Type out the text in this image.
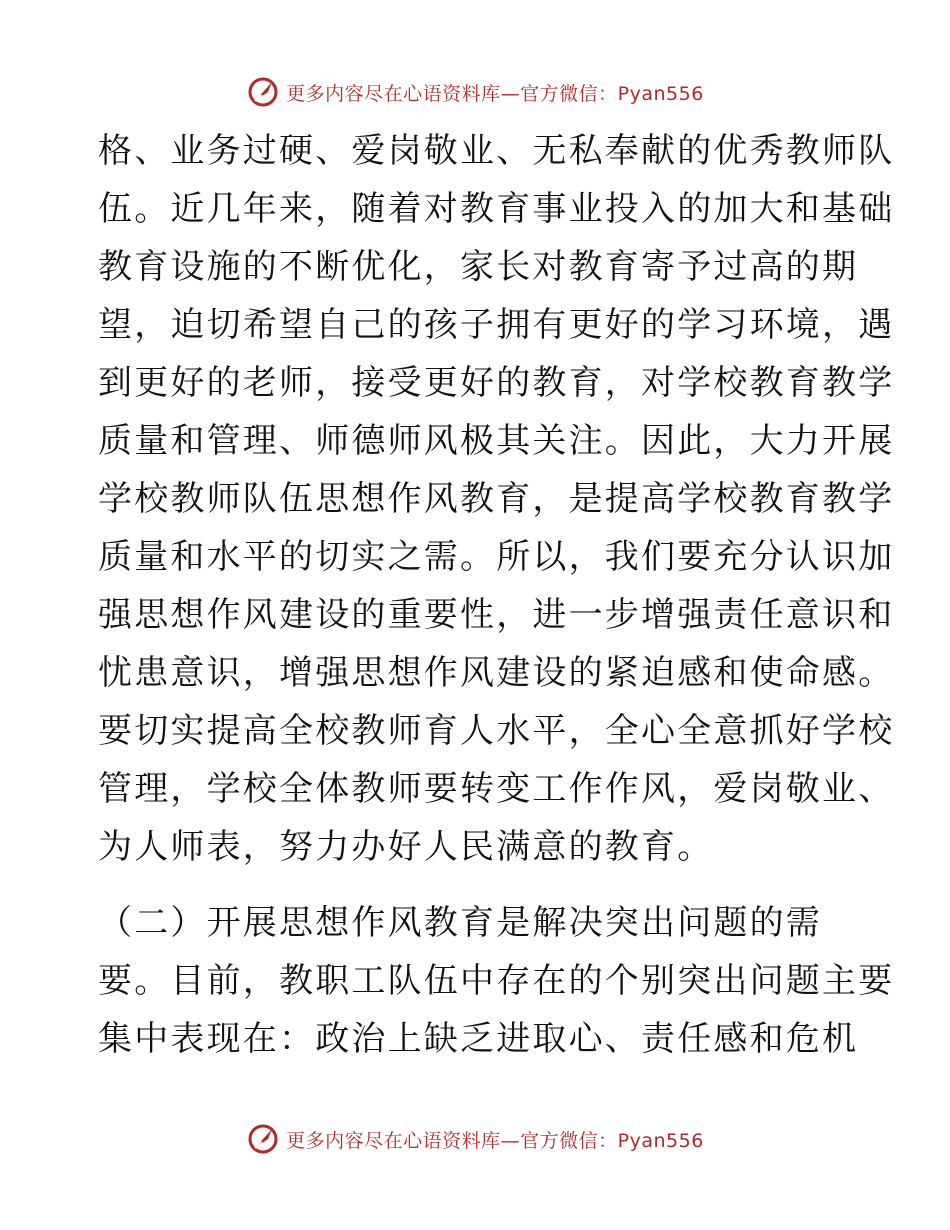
更多内容尽在心语资料库—官方微信：Pyan556
格、业务过硬、爱岗敬业、无私奉献的优秀教师队
伍。近几年来，随着对教育事业投入的加大和基础
教育设施的不断优化，家长对教育寄予过高的期
望，迫切希望自己的孩子拥有更好的学习环境，遇
到更好的老师，接受更好的教育，对学校教育教学
质量和管理、师德师风极其关注。因此，大力开展
学校教师队伍思想作风教育，是提高学校教育教学
质量和水平的切实之需。所以，我们要充分认识加
强思想作风建设的重要性，进一步增强责任意识和
忧患意识，增强思想作风建设的紧迫感和使命感。
要切实提高全校教师育人水平，全心全意抓好学校
管理，学校全体教师要转变工作作风，爱岗敬业、
为人师表，努力办好人民满意的教育。
（二）开展思想作风教育是解决突出问题的需
要。目前，教职工队伍中存在的个别突出问题主要
集中表现在：政治上缺乏进取心、责任感和危机
更多内容尽在心语资料库—官方微信：Pyan556
